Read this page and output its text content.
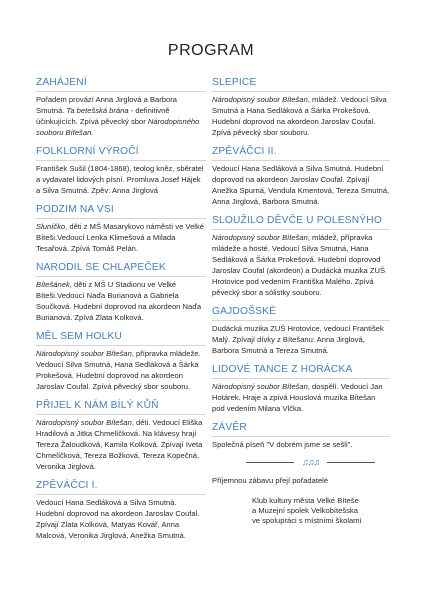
PROGRAM
ZAHÁJENÍ
Pořadem provází Anna Jirglová a Barbora Smutná. Ta betešská brána - definitivně účinkujících. Zpívá pěvecký sbor Národopisného souboru Bítešan.
FOLKLORNÍ VÝROČÍ
František Sušil (1804-1868), teolog kněz, sběratel a vydavatel lidových písní. Promluva Josef Hájek a Silva Smutná. Zpěv: Anna Jirglová
PODZIM NA VSI
Sluníčko, děti z MŠ Masarykovo náměstí ve Velké Bíteši.Vedoucí Lenka Klimešová a Milada Tesařová. Zpívá Tomáš Pelán.
NARODIL SE CHLAPEČEK
Bítešánek, děti z MŠ U Stadionu ve Velké Bíteši.Vedoucí Naďa Burianová a Gabriela Součková. Hudební doprovod na akordeon Naďa Burianová. Zpívá Zlata Kolková.
MĚL SEM HOLKU
Národopisný soubor Bítešan, přípravka mládeže. Vedoucí Silva Smutná, Hana Sedláková a Šárka Prokešová. Hudební doprovod na akordeon Jaroslav Coufal. Zpívá pěvecký sbor souboru.
PŘIJEL K NÁM BÍLÝ KŮŇ
Národopisný soubor Bítešan, děti. Vedoucí Eliška Hradilová a Jitka Chmelíčková. Na klávesy hrají Tereza Žaloudková, Kamila Kolková. Zpívají Iveta Chmelíčková, Tereza Božková, Tereza Kopečná, Veronika Jirglová.
ZPĚVÁČCI I.
Vedoucí Hana Sedláková a Silva Smutná. Hudební doprovod na akordeon Jaroslav Coufal. Zpívají Zlata Kolková, Matyas Kovář, Anna Malcová, Veronika Jirglová, Anežka Smutná.
SLEPICE
Národopisný soubor Bítešan, mládež. Vedoucí Silva Smutná a Hana Sedláková a Šárka Prokešová. Hudební doprovod na akordeon Jaroslav Coufal. Zpívá pěvecký sbor souboru.
ZPĚVÁČCI II.
Vedoucí Hana Sedláková a Silva Smutná. Hudební doprovod na akordeon Jaroslav Coufal. Zpívají Anežka Spurná, Vendula Kmentová, Tereza Smutná, Anna Jirglová, Barbora Smutná.
SLOUŽILO DĚVČE U POLESNÝHO
Národopisný soubor Bítešan, mládež, přípravka mládeže a hosté. Vedoucí Silva Smutná, Hana Sedláková a Šárka Prokešová. Hudební doprovod Jaroslav Coufal (akordeon) a Dudácká muzika ZUŠ Hrotovice pod vedením Františka Malého. Zpívá pěvecký sbor a sólistky souboru.
GAJDOŠSKÉ
Dudácká muzika ZUŠ Hrotovice, vedoucí František Malý. Zpívají dívky z Bítešanu: Anna Jirglová, Barbora Smutná a Tereza Smutná.
LIDOVÉ TANCE Z HORÁCKA
Národopisný soubor Bítešan, dospělí. Vedoucí Jan Hotárek. Hraje a zpívá Houslová muzika Bítešan pod vedením Milana Vlčka.
ZÁVĚR
Společná píseň "V dobrém jsme se sešli".
♫♫♫
Příjemnou zábavu přejí pořadatelé
Klub kultury města Velké Bíteše
a Muzejní spolek Velkobítešska
ve spolupráci s místními školami
